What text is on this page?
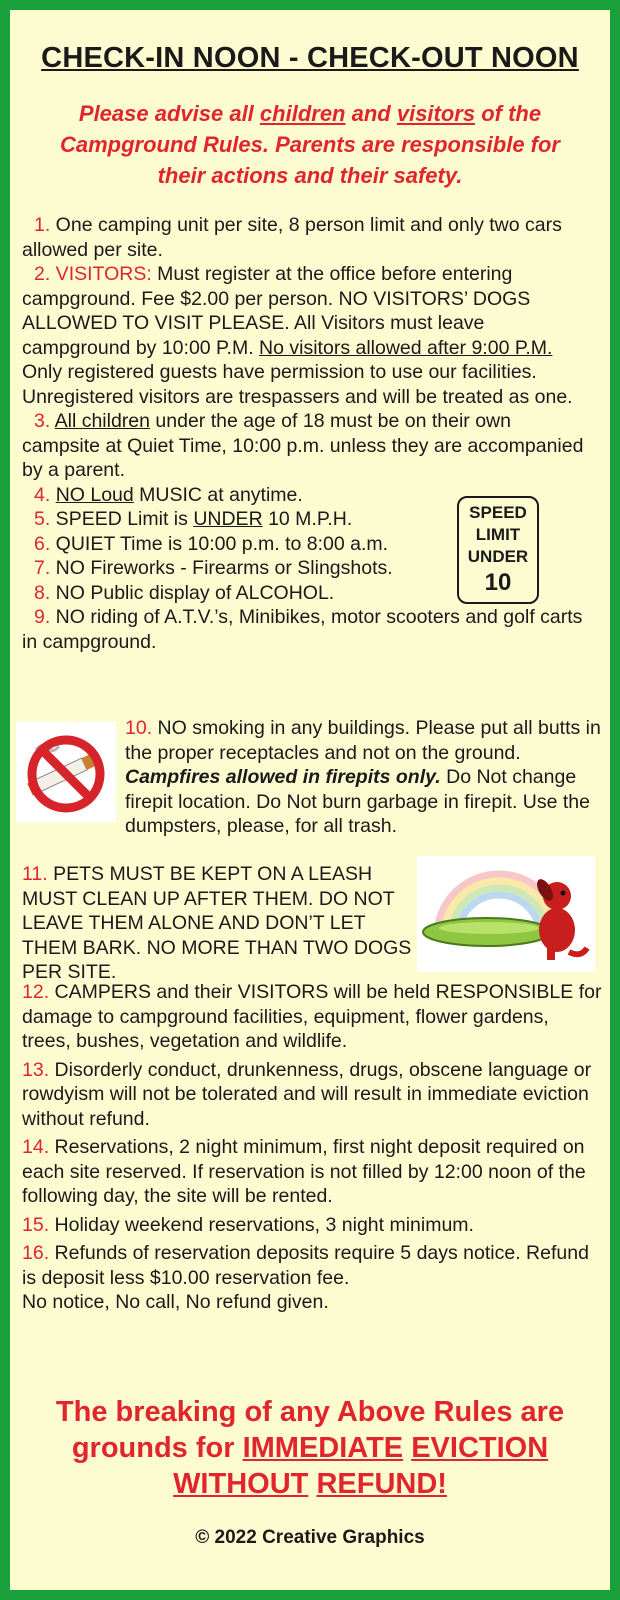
CHECK-IN NOON - CHECK-OUT NOON
Please advise all children and visitors of the Campground Rules. Parents are responsible for their actions and their safety.

1. One camping unit per site, 8 person limit and only two cars allowed per site.

2. VISITORS: Must register at the office before entering campground. Fee $2.00 per person. NO VISITORS’ DOGS ALLOWED TO VISIT PLEASE. All Visitors must leave campground by 10:00 P.M. No visitors allowed after 9:00 P.M. Only registered guests have permission to use our facilities. Unregistered visitors are trespassers and will be treated as one.

3. All children under the age of 18 must be on their own campsite at Quiet Time, 10:00 p.m. unless they are accompanied by a parent.

4. NO Loud MUSIC at anytime.

5. SPEED Limit is UNDER 10 M.P.H.

6. QUIET Time is 10:00 p.m. to 8:00 a.m.

7. NO Fireworks - Firearms or Slingshots.

8. NO Public display of ALCOHOL.

9. NO riding of A.T.V.’s, Minibikes, motor scooters and golf carts in campground.

SPEED
LIMIT
UNDER
10
10. NO smoking in any buildings. Please put all butts in the proper receptacles and not on the ground. Campfires allowed in firepits only. Do Not change firepit location. Do Not burn garbage in firepit. Use the dumpsters, please, for all trash.
11. PETS MUST BE KEPT ON A LEASH MUST CLEAN UP AFTER THEM. DO NOT LEAVE THEM ALONE AND DON’T LET THEM BARK. NO MORE THAN TWO DOGS PER SITE.

12. CAMPERS and their VISITORS will be held RESPONSIBLE for damage to campground facilities, equipment, flower gardens, trees, bushes, vegetation and wildlife.

13. Disorderly conduct, drunkenness, drugs, obscene language or rowdyism will not be tolerated and will result in immediate eviction without refund.

14. Reservations, 2 night minimum, first night deposit required on each site reserved. If reservation is not filled by 12:00 noon of the following day, the site will be rented.

15. Holiday weekend reservations, 3 night minimum.

16. Refunds of reservation deposits require 5 days notice. Refund is deposit less $10.00 reservation fee.
No notice, No call, No refund given.

The breaking of any Above Rules are grounds for IMMEDIATE EVICTION WITHOUT REFUND!
© 2022 Creative Graphics
